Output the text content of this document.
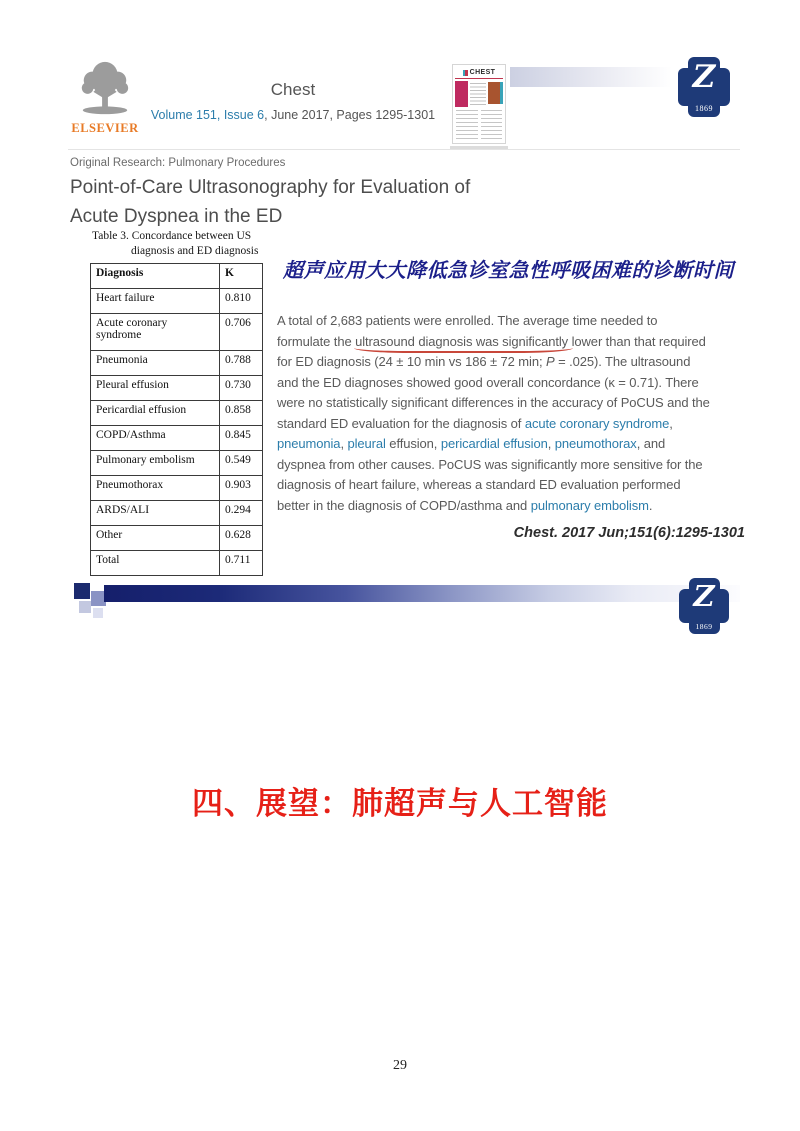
ELSEVIER
Chest
Volume 151, Issue 6, June 2017, Pages 1295-1301
CHEST	Z
1869
Original Research: Pulmonary Procedures
Point-of-Care Ultrasonography for Evaluation of
Acute Dyspnea in the ED
Table 3. Concordance between US
diagnosis and ED diagnosis
Diagnosis	K
Heart failure	0.810
Acute coronary syndrome	0.706
Pneumonia	0.788
Pleural effusion	0.730
Pericardial effusion	0.858
COPD/Asthma	0.845
Pulmonary embolism	0.549
Pneumothorax	0.903
ARDS/ALI	0.294
Other	0.628
Total	0.711
超声应用大大降低急诊室急性呼吸困难的诊断时间
A total of 2,683 patients were enrolled. The average time needed to
formulate the ultrasound diagnosis was significantly lower than that required
for ED diagnosis (24 ± 10 min vs 186 ± 72 min; P = .025). The ultrasound
and the ED diagnoses showed good overall concordance (κ = 0.71). There
were no statistically significant differences in the accuracy of PoCUS and the
standard ED evaluation for the diagnosis of acute coronary syndrome,
pneumonia, pleural effusion, pericardial effusion, pneumothorax, and
dyspnea from other causes. PoCUS was significantly more sensitive for the
diagnosis of heart failure, whereas a standard ED evaluation performed
better in the diagnosis of COPD/asthma and pulmonary embolism.
Chest. 2017 Jun;151(6):1295-1301
Z
1869
四、展望：肺超声与人工智能
29
